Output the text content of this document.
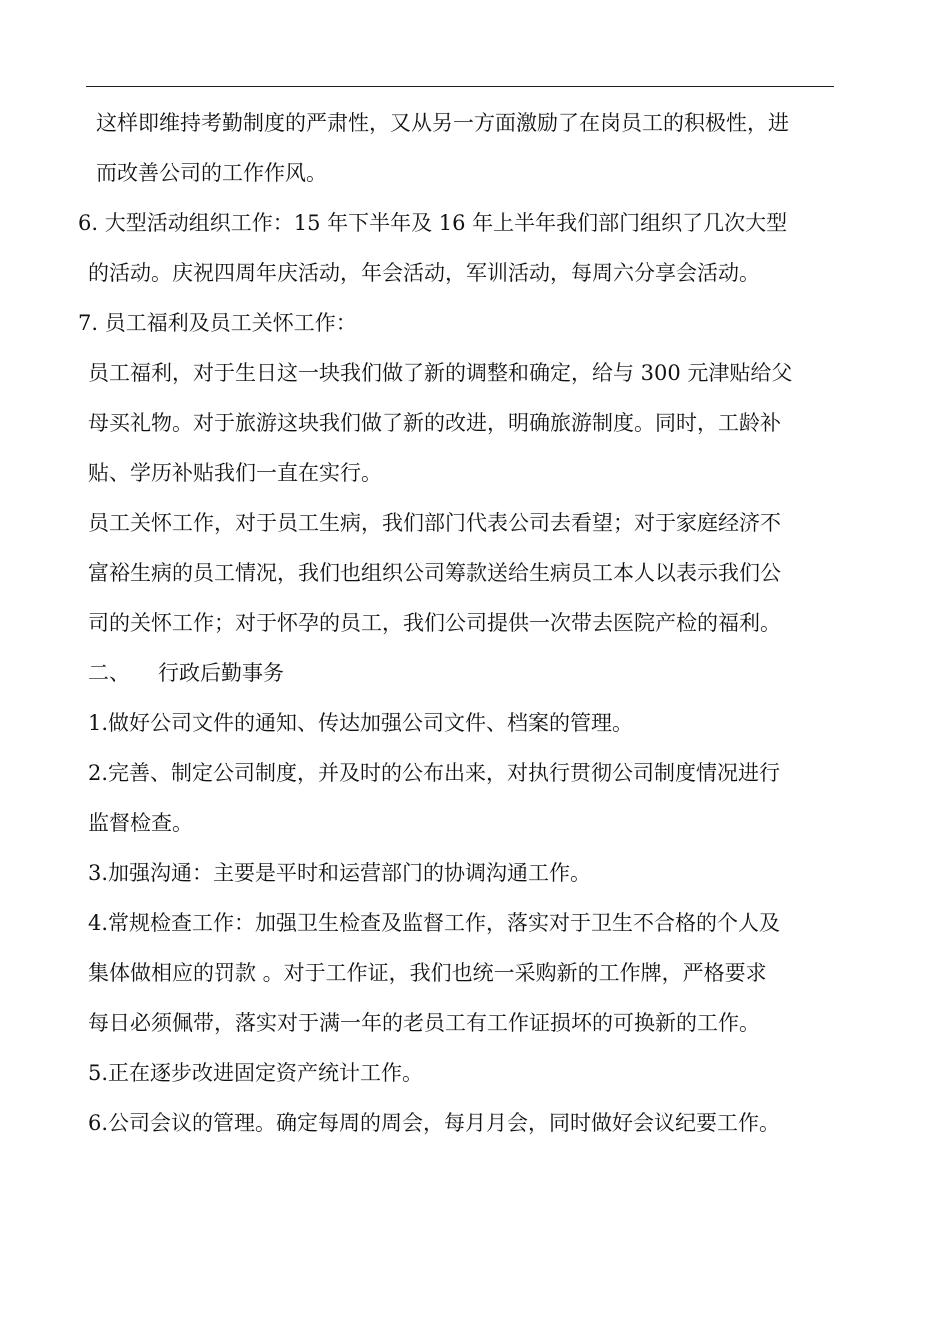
这样即维持考勤制度的严肃性，又从另一方面激励了在岗员工的积极性，进

而改善公司的工作作风。

6. 大型活动组织工作：15 年下半年及 16 年上半年我们部门组织了几次大型

的活动。庆祝四周年庆活动，年会活动，军训活动，每周六分享会活动。

7. 员工福利及员工关怀工作：

员工福利，对于生日这一块我们做了新的调整和确定，给与 300 元津贴给父

母买礼物。对于旅游这块我们做了新的改进，明确旅游制度。同时，工龄补

贴、学历补贴我们一直在实行。

员工关怀工作，对于员工生病，我们部门代表公司去看望；对于家庭经济不

富裕生病的员工情况，我们也组织公司筹款送给生病员工本人以表示我们公

司的关怀工作；对于怀孕的员工，我们公司提供一次带去医院产检的福利。

二、 行政后勤事务

1.做好公司文件的通知、传达加强公司文件、档案的管理。

2.完善、制定公司制度，并及时的公布出来，对执行贯彻公司制度情况进行

监督检查。

3.加强沟通：主要是平时和运营部门的协调沟通工作。

4.常规检查工作：加强卫生检查及监督工作，落实对于卫生不合格的个人及

集体做相应的罚款 。对于工作证，我们也统一采购新的工作牌，严格要求

每日必须佩带，落实对于满一年的老员工有工作证损坏的可换新的工作。

5.正在逐步改进固定资产统计工作。

6.公司会议的管理。确定每周的周会，每月月会，同时做好会议纪要工作。
